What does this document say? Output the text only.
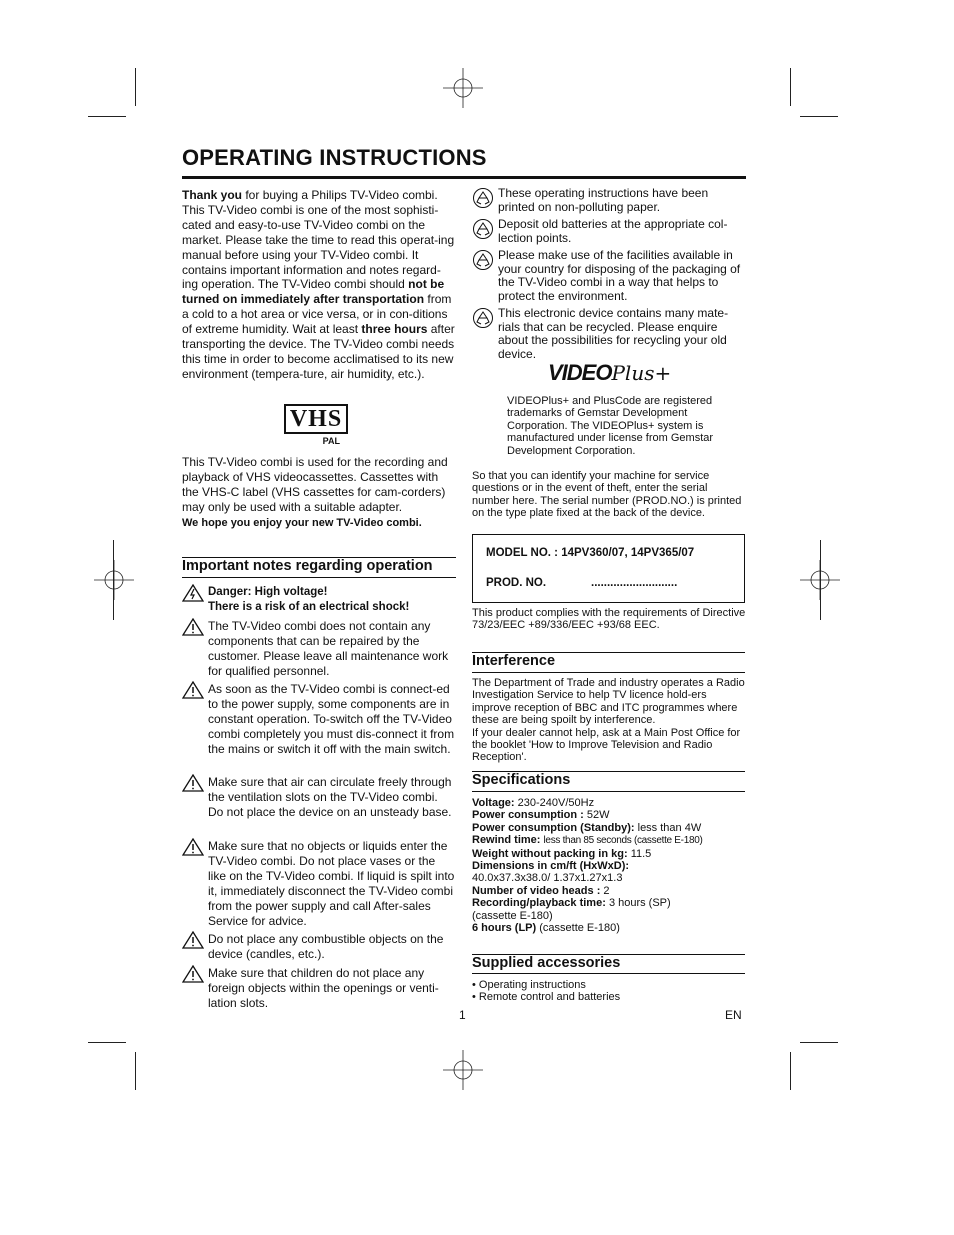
OPERATING INSTRUCTIONS

Thank you for buying a Philips TV-Video combi. This TV-Video combi is one of the most sophisti-cated and easy-to-use TV-Video combi on the market. Please take the time to read this operat-ing manual before using your TV-Video combi. It contains important information and notes regard-ing operation. The TV-Video combi should not be turned on immediately after transportation from a cold to a hot area or vice versa, or in con-ditions of extreme humidity. Wait at least three hours after transporting the device. The TV-Video combi needs this time in order to become acclimatised to its new environment (tempera-ture, air humidity, etc.).

VHS
PAL

This TV-Video combi is used for the recording and playback of VHS videocassettes. Cassettes with the VHS-C label (VHS cassettes for cam-corders) may only be used with a suitable adapter.

We hope you enjoy your new TV-Video combi.

Important notes regarding operation
Danger: High voltage!
There is a risk of an electrical shock!
The TV-Video combi does not contain any components that can be repaired by the customer. Please leave all maintenance work for qualified personnel.
As soon as the TV-Video combi is connect-ed to the power supply, some components are in constant operation. To-switch off the TV-Video combi completely you must dis-connect it from the mains or switch it off with the main switch.
Make sure that air can circulate freely through the ventilation slots on the TV-Video combi. Do not place the device on an unsteady base.
Make sure that no objects or liquids enter the TV-Video combi. Do not place vases or the like on the TV-Video combi. If liquid is spilt into it, immediately disconnect the TV-Video combi from the power supply and call After-sales Service for advice.
Do not place any combustible objects on the device (candles, etc.).
Make sure that children do not place any foreign objects within the openings or venti-lation slots.
These operating instructions have been printed on non-polluting paper.
Deposit old batteries at the appropriate col-lection points.
Please make use of the facilities available in your country for disposing of the packaging of the TV-Video combi in a way that helps to protect the environment.
This electronic device contains many mate-rials that can be recycled. Please enquire about the possibilities for recycling your old device.
VIDEOPlus+
VIDEOPlus+ and PlusCode are registered trademarks of Gemstar Development Corporation. The VIDEOPlus+ system is manufactured under license from Gemstar Development Corporation.
So that you can identify your machine for service questions or in the event of theft, enter the serial number here. The serial number (PROD.NO.) is printed on the type plate fixed at the back of the device.
MODEL NO. : 14PV360/07, 14PV365/07
PROD. NO.	...........................
This product complies with the requirements of Directive 73/23/EEC +89/336/EEC +93/68 EEC.
Interference

The Department of Trade and industry operates a Radio Investigation Service to help TV licence hold-ers improve reception of BBC and ITC programmes where these are being spoilt by interference.

If your dealer cannot help, ask at a Main Post Office for the booklet 'How to Improve Television and Radio Reception'.

Specifications
Voltage: 230-240V/50Hz
Power consumption : 52W
Power consumption (Standby): less than 4W
Rewind time: less than 85 seconds (cassette E-180)
Weight without packing in kg: 11.5
Dimensions in cm/ft (HxWxD):
40.0x37.3x38.0/ 1.37x1.27x1.3
Number of video heads : 2
Recording/playback time: 3 hours (SP)
(cassette E-180)
6 hours (LP) (cassette E-180)
Supplied accessories
• Operating instructions
• Remote control and batteries
1	EN
